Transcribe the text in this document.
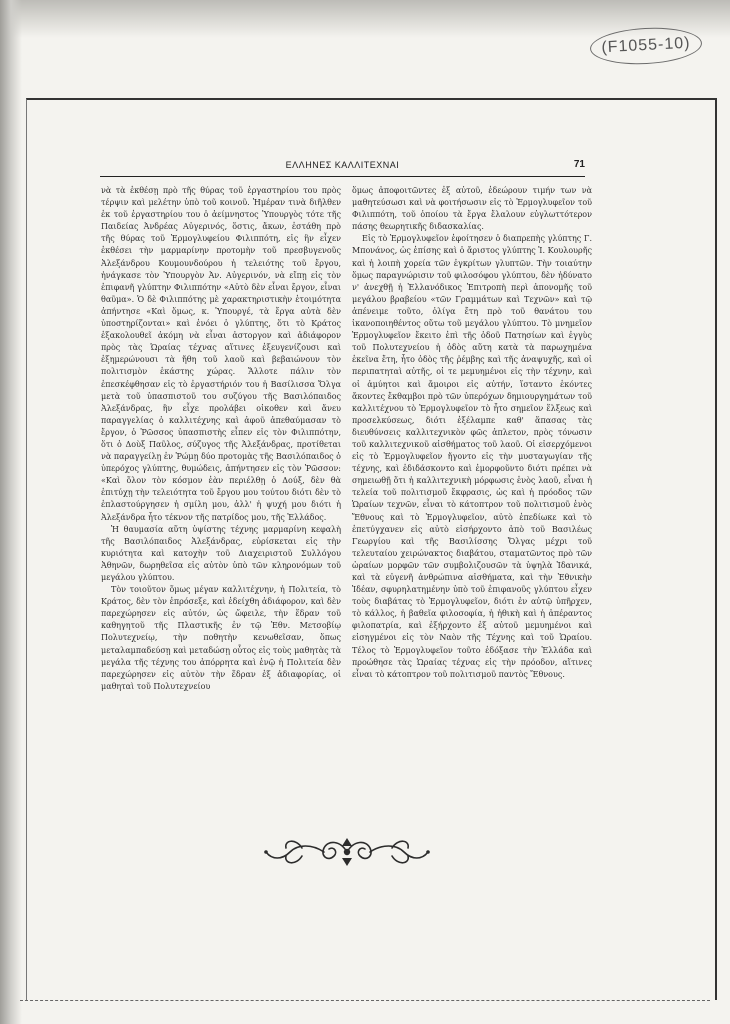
(F1055-10)
ΕΛΛΗΝΕΣ ΚΑΛΛΙΤΕΧΝΑΙ	71

νὰ τὰ ἐκθέσῃ πρὸ τῆς θύρας τοῦ ἐργαστηρίου του πρὸς τέρψιν καὶ μελέτην ὑπὸ τοῦ κοινοῦ. Ἡμέραν τινὰ διῆλθεν ἐκ τοῦ ἐργαστηρίου του ὁ ἀείμνηστος Ὑπουργὸς τότε τῆς Παιδείας Ἀνδρέας Αὐγερινός, ὅστις, ἄκων, ἐστάθη πρὸ τῆς θύρας τοῦ Ἑρμογλυφείου Φιλιππότη, εἰς ἣν εἶχεν ἐκθέσει τὴν μαρμαρίνην προτομὴν τοῦ πρεσβυγενοῦς Ἀλεξάνδρου Κουμουνδούρου ἡ τελειότης τοῦ ἔργου, ἠνάγκασε τὸν Ὑπουργὸν Ἀν. Αὐγερινόν, νὰ εἴπῃ εἰς τὸν ἐπιφανῆ γλύπτην Φιλιππότην «Αὐτὸ δὲν εἶναι ἔργον, εἶναι θαῦμα». Ὁ δὲ Φιλιππότης μὲ χαρακτηριστικὴν ἑτοιμότητα ἀπήντησε «Καὶ ὅμως, κ. Ὑπουργέ, τὰ ἔργα αὐτὰ δὲν ὑποστηρίζονται» καὶ ἐνόει ὁ γλύπτης, ὅτι τὸ Κράτος ἐξακολουθεῖ ἀκόμη νὰ εἶναι ἀστοργον καὶ ἀδιάφορον πρὸς τὰς Ὡραίας τέχνας αἵτινες ἐξευγενίζουσι καὶ ἐξημερώνουσι τὰ ἤθη τοῦ λαοῦ καὶ βεβαιώνουν τὸν πολιτισμὸν ἑκάστης χώρας. Ἄλλοτε πάλιν τὸν ἐπεσκέφθησαν εἰς τὸ ἐργαστήριόν του ἡ Βασίλισσα Ὄλγα μετὰ τοῦ ὑπασπιστοῦ του συζύγου τῆς Βασιλόπαιδος Ἀλεξάνδρας, ἣν εἶχε προλάβει οἰκοθεν καὶ ἄνευ παραγγελίας ὁ καλλιτέχνης καὶ ἀφοῦ ἀπεθαύμασαν τὸ ἔργον, ὁ Ῥῶσσος ὑπασπιστὴς εἶπεν εἰς τὸν Φιλιππότην, ὅτι ὁ Δοὺξ Παῦλος, σύζυγος τῆς Ἀλεξάνδρας, προτίθεται νὰ παραγγείλῃ ἐν Ῥώμῃ δύο προτομὰς τῆς Βασιλόπαιδος ὁ ὑπερόχος γλύπτης, θυμώδεις, ἀπήντησεν εἰς τὸν Ῥῶσσον: «Καὶ ὅλον τὸν κόσμον ἐὰν περιέλθῃ ὁ Δούξ, δὲν θὰ ἐπιτύχῃ τὴν τελειότητα τοῦ ἔργου μου τούτου διότι δὲν τὸ ἐπλαστούργησεν ἡ σμίλη μου, ἀλλ' ἡ ψυχή μου διότι ἡ Ἀλεξάνδρα ἦτο τέκνον τῆς πατρίδος μου, τῆς Ἑλλάδος.

Ἡ θαυμασία αὕτη ὑψίστης τέχνης μαρμαρίνη κεφαλὴ τῆς Βασιλόπαιδος Ἀλεξάνδρας, εὑρίσκεται εἰς τὴν κυριότητα καὶ κατοχὴν τοῦ Διαχειριστοῦ Συλλόγου Ἀθηνῶν, δωρηθεῖσα εἰς αὐτὸν ὑπὸ τῶν κληρονόμων τοῦ μεγάλου γλύπτου.

Τὸν τοιοῦτον ὅμως μέγαν καλλιτέχνην, ἡ Πολιτεία, τὸ Κράτος, δὲν τὸν ἐπρόσεξε, καὶ ἐδείχθη ἀδιάφορον, καὶ δὲν παρεχώρησεν εἰς αὐτόν, ὡς ὤφειλε, τὴν ἕδραν τοῦ καθηγητοῦ τῆς Πλαστικῆς ἐν τῷ Ἐθν. Μετσοβίῳ Πολυτεχνείῳ, τὴν ποθητὴν κενωθεῖσαν, ὅπως μεταλαμπαδεύσῃ καὶ μεταδώσῃ οὗτος εἰς τοὺς μαθητὰς τὰ μεγάλα τῆς τέχνης του ἀπόρρητα καὶ ἐνῷ ἡ Πολιτεία δὲν παρεχώρησεν εἰς αὐτὸν τὴν ἕδραν ἐξ ἀδιαφορίας, οἱ μαθηταὶ τοῦ Πολυτεχνείου

ὅμως ἀποφοιτῶντες ἐξ αὐτοῦ, ἐδεώρουν τιμήν των νὰ μαθητεύσωσι καὶ νὰ φοιτήσωσιν εἰς τὸ Ἑρμογλυφεῖον τοῦ Φιλιππότη, τοῦ ὁποίου τὰ ἔργα ἔλαλουν εὐγλωττότερον πάσης θεωρητικῆς διδασκαλίας.

Εἰς τὸ Ἑρμογλυφεῖον ἐφοίτησεν ὁ διαπρεπὴς γλύπτης Γ. Μπονάνος, ὡς ἐπίσης καὶ ὁ ἄριστος γλύπτης Ἰ. Κουλουρῆς καὶ ἡ λοιπὴ χορεία τῶν ἐγκρίτων γλυπτῶν. Τὴν τοιαύτην ὅμως παραγνώρισιν τοῦ φιλοσόφου γλύπτου, δὲν ἠδύνατο ν' ἀνεχθῇ ἡ Ἑλλανόδικος Ἐπιτροπὴ περὶ ἀπονομῆς τοῦ μεγάλου βραβείου «τῶν Γραμμάτων καὶ Τεχνῶν» καὶ τῷ ἀπένειμε τοῦτο, ὀλίγα ἔτη πρὸ τοῦ θανάτου του ἱκανοποιηθέντος οὕτω τοῦ μεγάλου γλύπτου. Τὸ μνημεῖον Ἑρμογλυφεῖον ἔκειτο ἐπὶ τῆς ὁδοῦ Πατησίων καὶ ἐγγὺς τοῦ Πολυτεχνείου ἡ ὁδὸς αὕτη κατὰ τὰ παρωχημένα ἐκεῖνα ἔτη, ἦτο ὁδὸς τῆς ῥέμβης καὶ τῆς ἀναψυχῆς, καὶ οἱ περιπατηταὶ αὐτῆς, οἱ τε μεμυημένοι εἰς τὴν τέχνην, καὶ οἱ ἀμύητοι καὶ ἄμοιροι εἰς αὐτήν, ἵσταντο ἑκόντες ἄκοντες ἔκθαμβοι πρὸ τῶν ὑπερόχων δημιουργημάτων τοῦ καλλιτέχνου τὸ Ἑρμογλυφεῖον τὸ ἦτο σημεῖον ἕλξεως καὶ προσελκύσεως, διότι ἐξέλαμπε καθ' ἅπασας τὰς διευθύνσεις καλλιτεχνικὸν φῶς ἀπλετον, πρὸς τόνωσιν τοῦ καλλιτεχνικοῦ αἰσθήματος τοῦ λαοῦ. Οἱ εἰσερχόμενοι εἰς τὸ Ἑρμογλυφεῖον ἤγοντο εἰς τὴν μυσταγωγίαν τῆς τέχνης, καὶ ἐδιδάσκοντο καὶ ἐμορφοῦντο διότι πρέπει νὰ σημειωθῇ ὅτι ἡ καλλιτεχνικὴ μόρφωσις ἑνὸς λαοῦ, εἶναι ἡ τελεία τοῦ πολιτισμοῦ ἔκφρασις, ὡς καὶ ἡ πρόοδος τῶν Ὡραίων τεχνῶν, εἶναι τὸ κάτοπτρον τοῦ πολιτισμοῦ ἑνὸς Ἔθνους καὶ τὸ Ἑρμογλυφεῖον, αὐτὸ ἐπεδίωκε καὶ τὸ ἐπετύγχανεν εἰς αὐτὸ εἰσήρχοντο ἀπὸ τοῦ Βασιλέως Γεωργίου καὶ τῆς Βασιλίσσης Ὄλγας μέχρι τοῦ τελευταίου χειρώνακτος διαβάτου, σταματῶντος πρὸ τῶν ὡραίων μορφῶν τῶν συμβολιζουσῶν τὰ ὑψηλὰ Ἰδανικά, καὶ τὰ εὐγενῆ ἀνθρώπινα αἰσθήματα, καὶ τὴν Ἐθνικὴν Ἰδέαν, σφυρηλατημένην ὑπὸ τοῦ ἐπιφανοῦς γλύπτου εἶχεν τοὺς διαβάτας τὸ Ἑρμογλυφεῖον, διότι ἐν αὐτῷ ὑπῆρχεν, τὸ κάλλος, ἡ βαθεῖα φιλοσοφία, ἡ ἠθικὴ καὶ ἡ ἀπέραντος φιλοπατρία, καὶ ἐξήρχοντο ἐξ αὐτοῦ μεμυημένοι καὶ εἰσηγμένοι εἰς τὸν Ναὸν τῆς Τέχνης καὶ τοῦ Ὡραίου. Τέλος τὸ Ἑρμογλυφεῖον τοῦτο ἐδόξασε τὴν Ἑλλάδα καὶ προώθησε τὰς Ὡραίας τέχνας εἰς τὴν πρόοδον, αἵτινες εἶναι τὸ κάτοπτρον τοῦ πολιτισμοῦ παντὸς Ἔθνους.
